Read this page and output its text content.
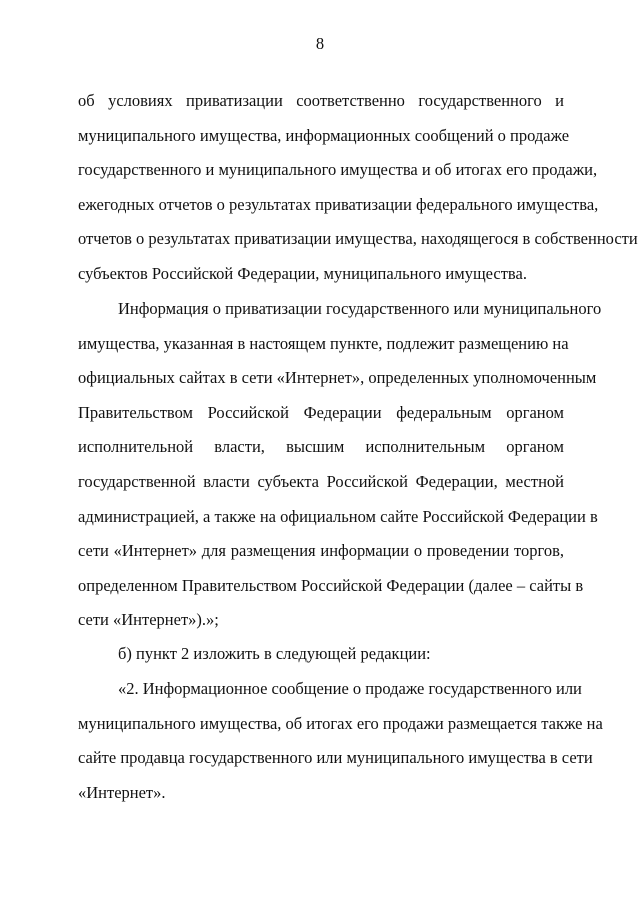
8
об условиях приватизации соответственно государственного и
муниципального имущества, информационных сообщений о продаже
государственного и муниципального имущества и об итогах его продажи,
ежегодных отчетов о результатах приватизации федерального имущества,
отчетов о результатах приватизации имущества, находящегося в собственности
субъектов Российской Федерации, муниципального имущества.
Информация о приватизации государственного или муниципального
имущества, указанная в настоящем пункте, подлежит размещению на
официальных сайтах в сети «Интернет», определенных уполномоченным
Правительством Российской Федерации федеральным органом
исполнительной власти, высшим исполнительным органом
государственной власти субъекта Российской Федерации, местной
администрацией, а также на официальном сайте Российской Федерации в
сети «Интернет» для размещения информации о проведении торгов,
определенном Правительством Российской Федерации (далее – сайты в
сети «Интернет»).»;
б) пункт 2 изложить в следующей редакции:
«2. Информационное сообщение о продаже государственного или
муниципального имущества, об итогах его продажи размещается также на
сайте продавца государственного или муниципального имущества в сети
«Интернет».
